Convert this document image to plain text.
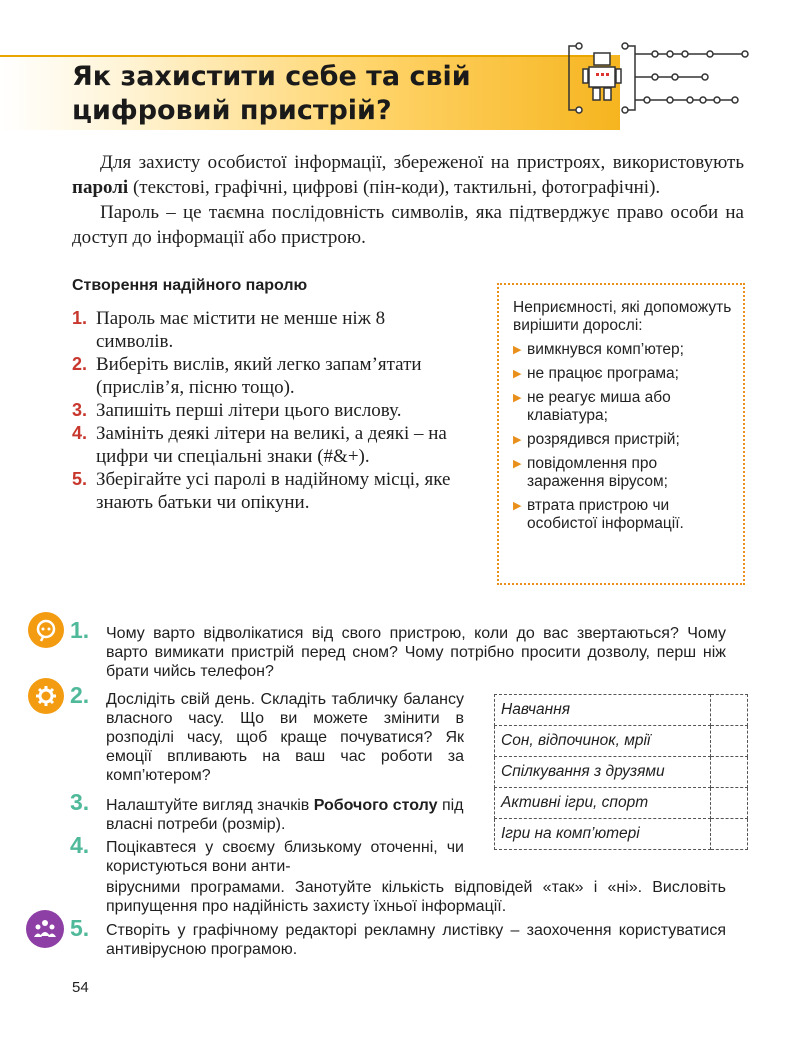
Як захистити себе та свій
цифровий пристрій?

Для захисту особистої інформації, збереженої на пристроях, використовують паролі (текстові, графічні, цифрові (пін-коди), тактильні, фотографічні).

Пароль – це таємна послідовність символів, яка підтверджує право особи на доступ до інформації або пристрою.

Створення надійного паролю
1. Пароль має містити не менше ніж 8 символів.
2. Виберіть вислів, який легко запам’ятати (прислів’я, пісню тощо).
3. Запишіть перші літери цього вислову.
4. Замініть деякі літери на великі, а деякі – на цифри чи спеціальні знаки (#&+).
5. Зберігайте усі паролі в надійному місці, яке знають батьки чи опікуни.
Неприємності, які допоможуть вирішити дорослі:
▶ вимкнувся комп’ютер;
▶ не працює програма;
▶ не реагує миша або клавіатура;
▶ розрядився пристрій;
▶ повідомлення про зараження вірусом;
▶ втрата пристрою чи особистої інформації.
1. Чому варто відволікатися від свого пристрою, коли до вас звертаються? Чому варто вимикати пристрій перед сном? Чому потрібно просити дозволу, перш ніж брати чийсь телефон?
2. Дослідіть свій день. Складіть табличку балансу власного часу. Що ви можете змінити в розподілі часу, щоб краще почуватися? Як емоції впливають на ваш час роботи за комп’ютером?
3. Налаштуйте вигляд значків Робочого столу під власні потреби (розмір).
4. Поцікавтеся у своєму близькому оточенні, чи користуються вони анти-
вірусними програмами. Занотуйте кількість відповідей «так» і «ні». Висловіть припущення про надійність захисту їхньої інформації.
5. Створіть у графічному редакторі рекламну листівку – заохочення користуватися антивірусною програмою.
Навчання	
Сон, відпочинок, мрії	
Спілкування з друзями	
Активні ігри, спорт	
Ігри на комп’ютері	
54
